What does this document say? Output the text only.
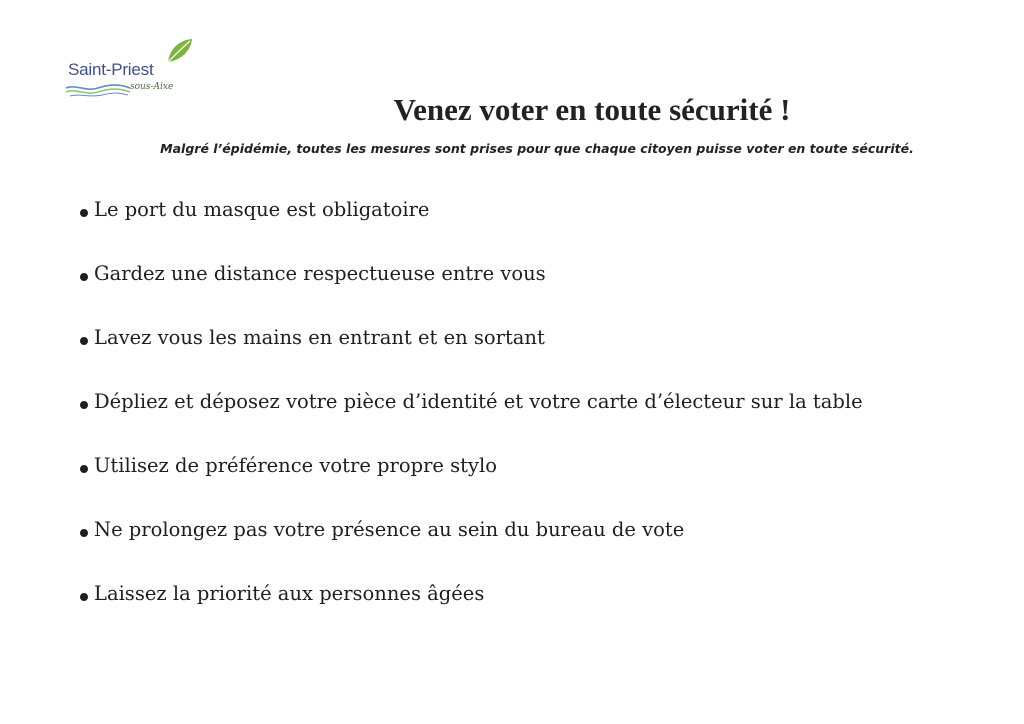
Saint-Priest
sous-Aixe
Venez voter en toute sécurité !
Malgré l’épidémie, toutes les mesures sont prises pour que chaque citoyen puisse voter en toute sécurité.
Le port du masque est obligatoire
Gardez une distance respectueuse entre vous
Lavez vous les mains en entrant et en sortant
Dépliez et déposez votre pièce d’identité et votre carte d’électeur sur la table
Utilisez de préférence votre propre stylo
Ne prolongez pas votre présence au sein du bureau de vote
Laissez la priorité aux personnes âgées
